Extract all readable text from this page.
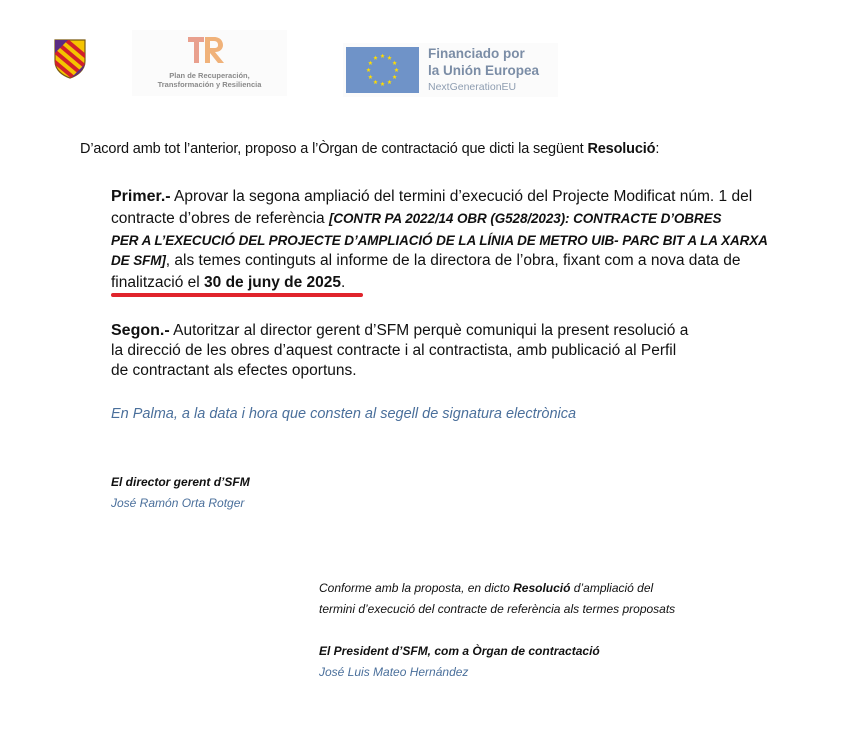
Plan de Recuperación,
Transformación y Resiliencia
Financiado por
la Unión Europea
NextGenerationEU
D’acord amb tot l’anterior, proposo a l’Òrgan de contractació que dicti la següent Resolució:
Primer.- Aprovar la segona ampliació del termini d’execució del Projecte Modificat núm. 1 del
contracte d’obres de referència [CONTR PA 2022/14 OBR (G528/2023): CONTRACTE D’OBRES
PER A L’EXECUCIÓ DEL PROJECTE D’AMPLIACIÓ DE LA LÍNIA DE METRO UIB- PARC BIT A LA XARXA
DE SFM], als temes continguts al informe de la directora de l’obra, fixant com a nova data de
finalització el 30 de juny de 2025.
Segon.- Autoritzar al director gerent d’SFM perquè comuniqui la present resolució a
la direcció de les obres d’aquest contracte i al contractista, amb publicació al Perfil
de contractant als efectes oportuns.
En Palma, a la data i hora que consten al segell de signatura electrònica
El director gerent d’SFM
José Ramón Orta Rotger
Conforme amb la proposta, en dicto Resolució d’ampliació del
termini d’execució del contracte de referència als termes proposats
El President d’SFM, com a Òrgan de contractació
José Luis Mateo Hernández
